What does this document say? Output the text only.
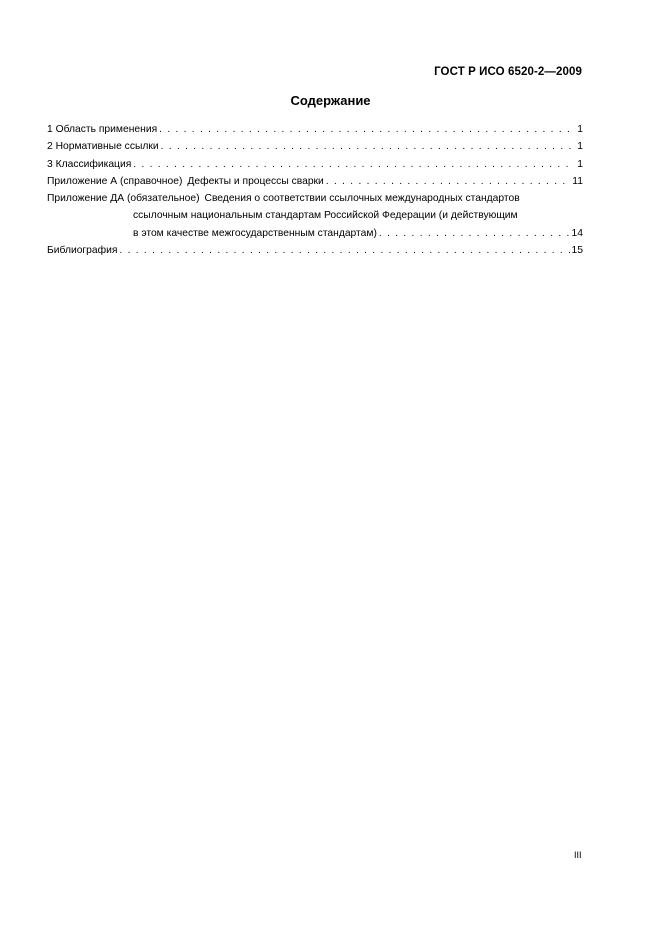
ГОСТ Р ИСО 6520-2—2009
Содержание
1 Область применения . . .	1
2 Нормативные ссылки . . .	1
3 Классификация . . .	1
Приложение А (справочное) Дефекты и процессы сварки . . .	11
Приложение ДА (обязательное) Сведения о соответствии ссылочных международных стандартов
ссылочным национальным стандартам Российской Федерации (и действующим
в этом качестве межгосударственным стандартам) . . .	14
Библиография . . .	15
III
